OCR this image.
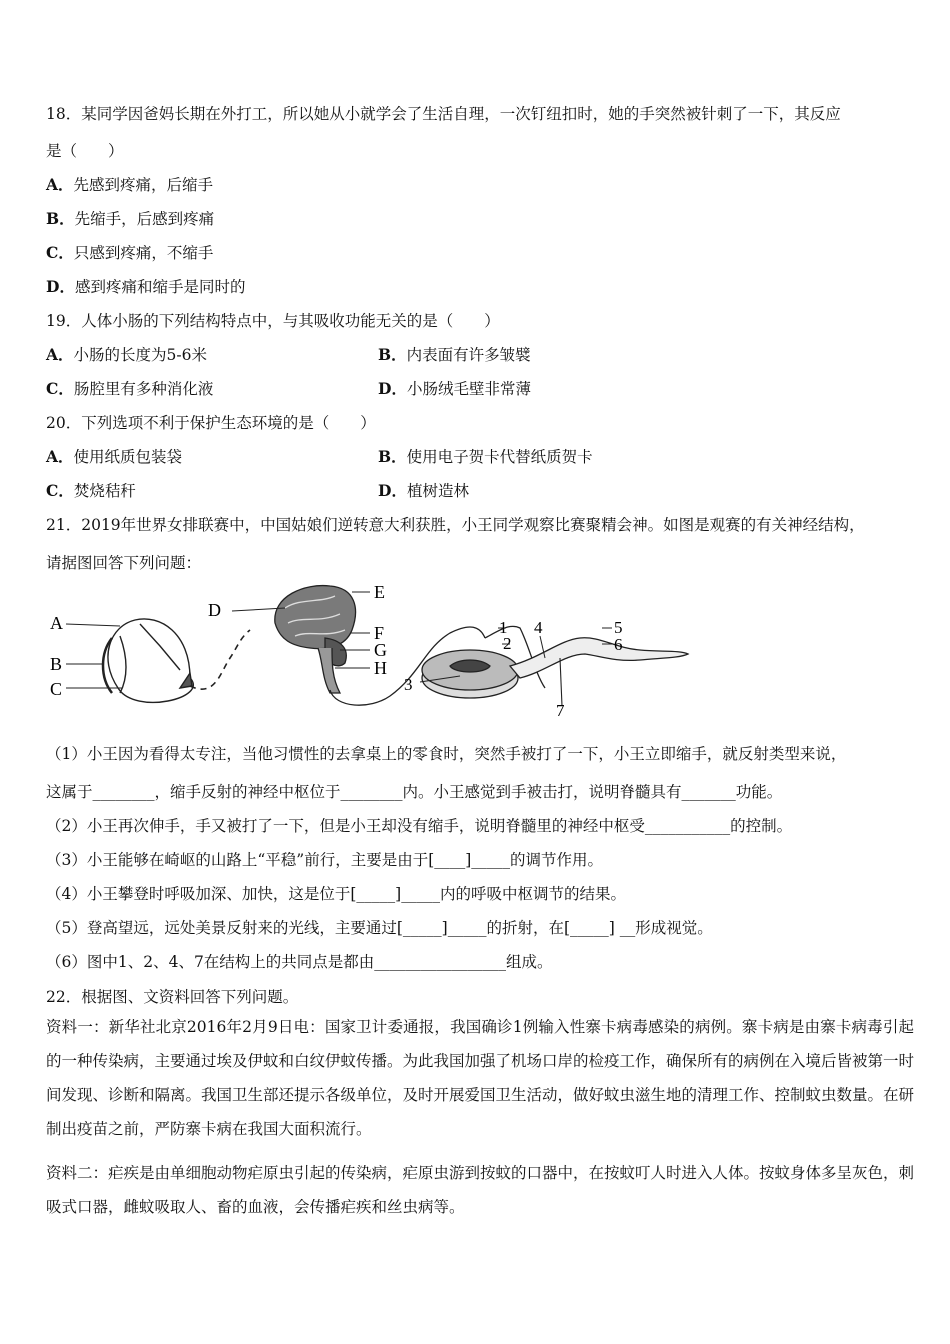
18．某同学因爸妈长期在外打工，所以她从小就学会了生活自理，一次钉纽扣时，她的手突然被针刺了一下，其反应
是（　　）
A．先感到疼痛，后缩手
B．先缩手，后感到疼痛
C．只感到疼痛，不缩手
D．感到疼痛和缩手是同时的
19．人体小肠的下列结构特点中，与其吸收功能无关的是（　　）
A．小肠的长度为5-6米	B．内表面有许多皱襞
C．肠腔里有多种消化液	D．小肠绒毛壁非常薄
20．下列选项不利于保护生态环境的是（　　）
A．使用纸质包装袋	B．使用电子贺卡代替纸质贺卡
C．焚烧秸秆	D．植树造林
21．2019年世界女排联赛中，中国姑娘们逆转意大利获胜，小王同学观察比赛聚精会神。如图是观赛的有关神经结构，
请据图回答下列问题：
A
B
C
D
E
F
G
H
1
2
3
4	5
6
7
（1）小王因为看得太专注，当他习惯性的去拿桌上的零食时，突然手被打了一下，小王立即缩手，就反射类型来说，
这属于________，缩手反射的神经中枢位于________内。小王感觉到手被击打，说明脊髓具有_______功能。
（2）小王再次伸手，手又被打了一下，但是小王却没有缩手，说明脊髓里的神经中枢受___________的控制。
（3）小王能够在崎岖的山路上“平稳”前行，主要是由于[____]_____的调节作用。
（4）小王攀登时呼吸加深、加快，这是位于[_____]_____内的呼吸中枢调节的结果。
（5）登高望远，远处美景反射来的光线，主要通过[_____]_____的折射，在[_____] __形成视觉。
（6）图中1、2、4、7在结构上的共同点是都由_________________组成。
22．根据图、文资料回答下列问题。
资料一：新华社北京2016年2月9日电：国家卫计委通报，我国确诊1例输入性寨卡病毒感染的病例。寨卡病是由寨卡病毒引起的一种传染病，主要通过埃及伊蚊和白纹伊蚊传播。为此我国加强了机场口岸的检疫工作，确保所有的病例在入境后皆被第一时间发现、诊断和隔离。我国卫生部还提示各级单位，及时开展爱国卫生活动，做好蚊虫滋生地的清理工作、控制蚊虫数量。在研制出疫苗之前，严防寨卡病在我国大面积流行。
资料二：疟疾是由单细胞动物疟原虫引起的传染病，疟原虫游到按蚊的口器中，在按蚊叮人时进入人体。按蚊身体多呈灰色，刺吸式口器，雌蚊吸取人、畜的血液，会传播疟疾和丝虫病等。
